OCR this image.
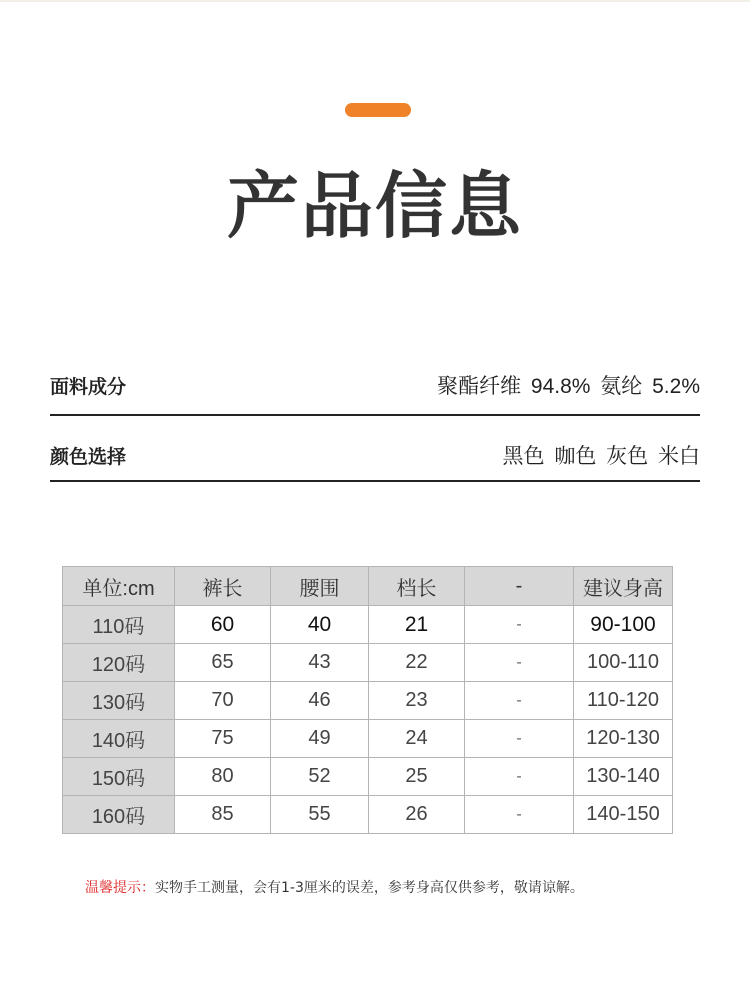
产品信息
面料成分	聚酯纤维 94.8% 氨纶 5.2%
颜色选择	黑色 咖色 灰色 米白
单位:cm	裤长	腰围	档长	-	建议身高
110码	60	40	21	-	90-100
120码	65	43	22	-	100-110
130码	70	46	23	-	110-120
140码	75	49	24	-	120-130
150码	80	52	25	-	130-140
160码	85	55	26	-	140-150
温馨提示：实物手工测量，会有1-3厘米的误差，参考身高仅供参考，敬请谅解。
